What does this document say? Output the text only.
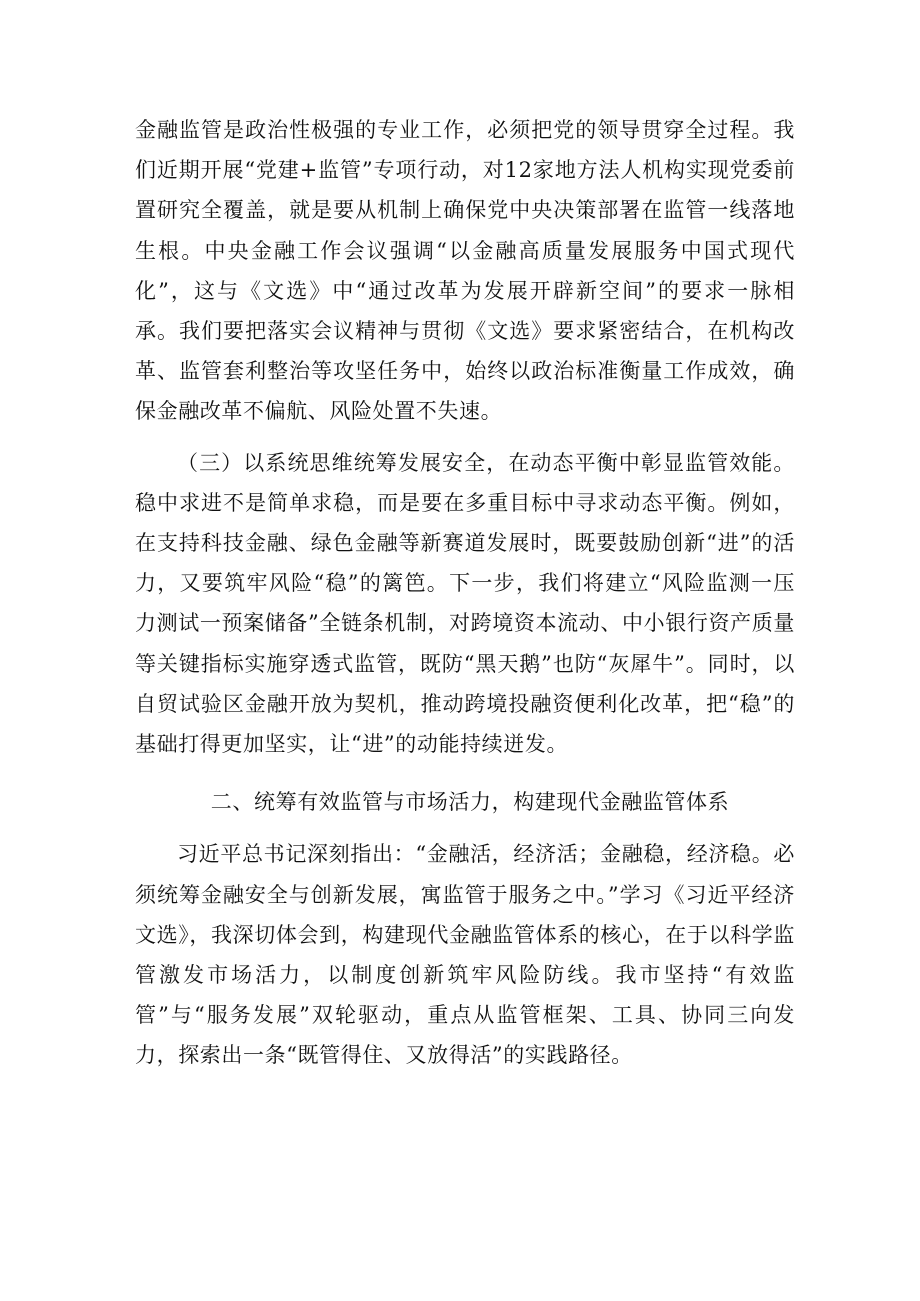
金融监管是政治性极强的专业工作，必须把党的领导贯穿全过程。我们近期开展“党建+监管”专项行动，对12家地方法人机构实现党委前置研究全覆盖，就是要从机制上确保党中央决策部署在监管一线落地生根。中央金融工作会议强调“以金融高质量发展服务中国式现代化”，这与《文选》中“通过改革为发展开辟新空间”的要求一脉相承。我们要把落实会议精神与贯彻《文选》要求紧密结合，在机构改革、监管套利整治等攻坚任务中，始终以政治标准衡量工作成效，确保金融改革不偏航、风险处置不失速。

（三）以系统思维统筹发展安全，在动态平衡中彰显监管效能。稳中求进不是简单求稳，而是要在多重目标中寻求动态平衡。例如，在支持科技金融、绿色金融等新赛道发展时，既要鼓励创新“进”的活力，又要筑牢风险“稳”的篱笆。下一步，我们将建立“风险监测一压力测试一预案储备”全链条机制，对跨境资本流动、中小银行资产质量等关键指标实施穿透式监管，既防“黑天鹅”也防“灰犀牛”。同时，以自贸试验区金融开放为契机，推动跨境投融资便利化改革，把“稳”的基础打得更加坚实，让“进”的动能持续迸发。

二、统筹有效监管与市场活力，构建现代金融监管体系

习近平总书记深刻指出：“金融活，经济活；金融稳，经济稳。必须统筹金融安全与创新发展，寓监管于服务之中。”学习《习近平经济文选》，我深切体会到，构建现代金融监管体系的核心，在于以科学监管激发市场活力，以制度创新筑牢风险防线。我市坚持“有效监管”与“服务发展”双轮驱动，重点从监管框架、工具、协同三向发力，探索出一条“既管得住、又放得活”的实践路径。
